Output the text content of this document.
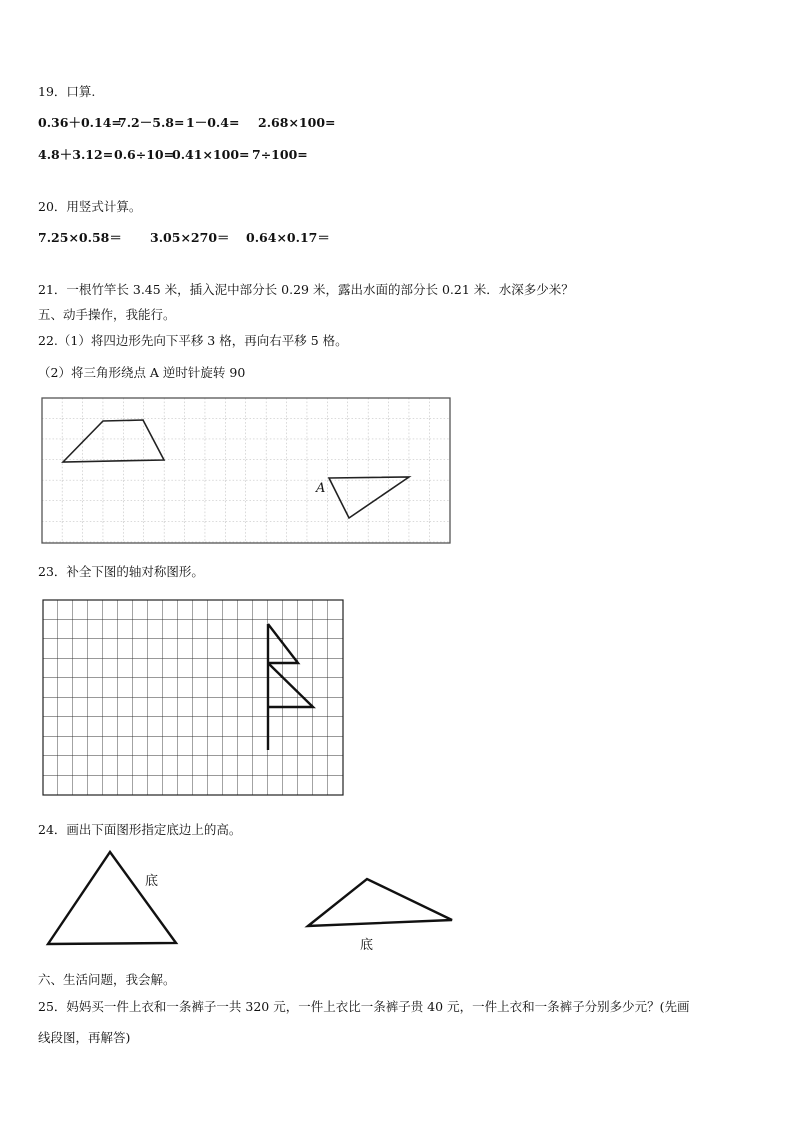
19．口算.
0.36＋0.14=
7.2－5.8= 1－0.4= 2.68×100=
4.8＋3.12= 0.6÷10=
0.41×100= 7÷100=
20．用竖式计算。
7.25×0.58＝ 3.05×270＝ 0.64×0.17＝
21．一根竹竿长 3.45 米，插入泥中部分长 0.29 米，露出水面的部分长 0.21 米．水深多少米？
五、动手操作，我能行。
22.（1）将四边形先向下平移 3 格，再向右平移 5 格。
（2）将三角形绕点 A 逆时针旋转 90
A
23．补全下图的轴对称图形。
24．画出下面图形指定底边上的高。
底
底
六、生活问题，我会解。
25．妈妈买一件上衣和一条裤子一共 320 元，一件上衣比一条裤子贵 40 元，一件上衣和一条裤子分别多少元？(先画
线段图，再解答)
